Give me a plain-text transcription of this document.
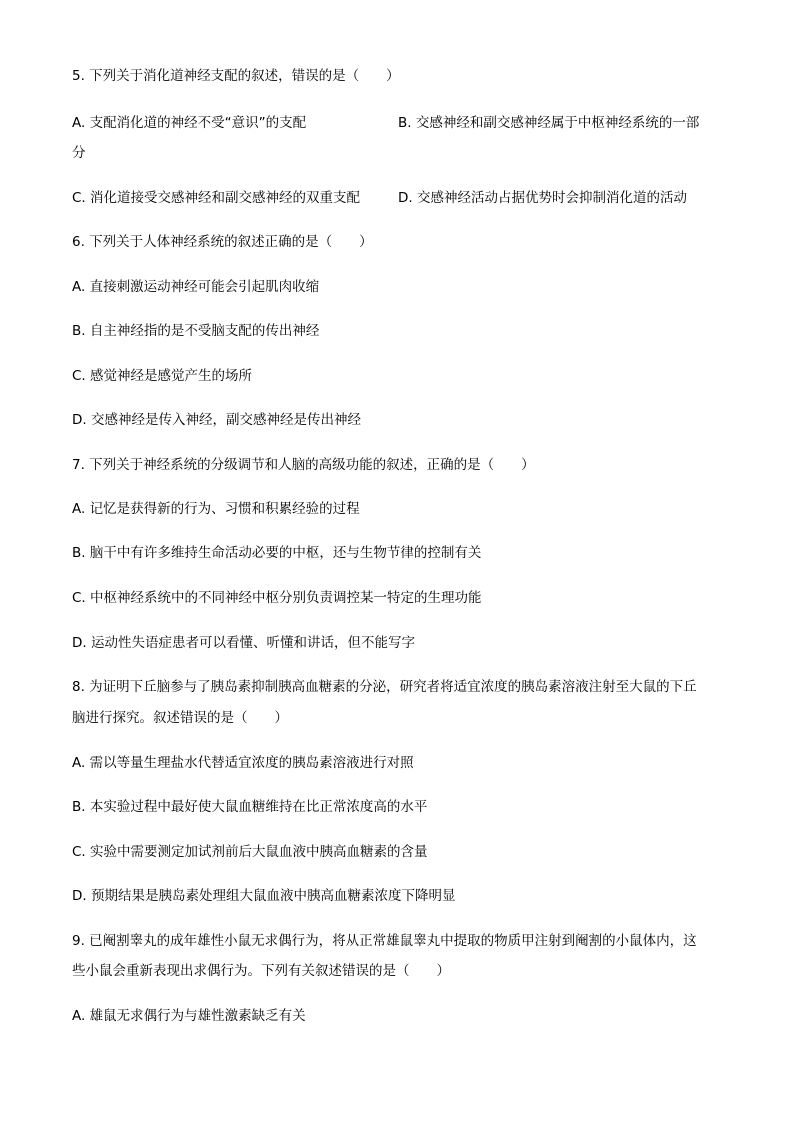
5. 下列关于消化道神经支配的叙述，错误的是（　　）
A. 支配消化道的神经不受“意识”的支配	B. 交感神经和副交感神经属于中枢神经系统的一部
分
C. 消化道接受交感神经和副交感神经的双重支配	D. 交感神经活动占据优势时会抑制消化道的活动
6. 下列关于人体神经系统的叙述正确的是（　　）
A. 直接刺激运动神经可能会引起肌肉收缩
B. 自主神经指的是不受脑支配的传出神经
C. 感觉神经是感觉产生的场所
D. 交感神经是传入神经，副交感神经是传出神经
7. 下列关于神经系统的分级调节和人脑的高级功能的叙述，正确的是（　　）
A. 记忆是获得新的行为、习惯和积累经验的过程
B. 脑干中有许多维持生命活动必要的中枢，还与生物节律的控制有关
C. 中枢神经系统中的不同神经中枢分别负责调控某一特定的生理功能
D. 运动性失语症患者可以看懂、听懂和讲话，但不能写字
8. 为证明下丘脑参与了胰岛素抑制胰高血糖素的分泌，研究者将适宜浓度的胰岛素溶液注射至大鼠的下丘
脑进行探究。叙述错误的是（　　）
A. 需以等量生理盐水代替适宜浓度的胰岛素溶液进行对照
B. 本实验过程中最好使大鼠血糖维持在比正常浓度高的水平
C. 实验中需要测定加试剂前后大鼠血液中胰高血糖素的含量
D. 预期结果是胰岛素处理组大鼠血液中胰高血糖素浓度下降明显
9. 已阉割睾丸的成年雄性小鼠无求偶行为，将从正常雄鼠睾丸中提取的物质甲注射到阉割的小鼠体内，这
些小鼠会重新表现出求偶行为。下列有关叙述错误的是（　　）
A. 雄鼠无求偶行为与雄性激素缺乏有关
